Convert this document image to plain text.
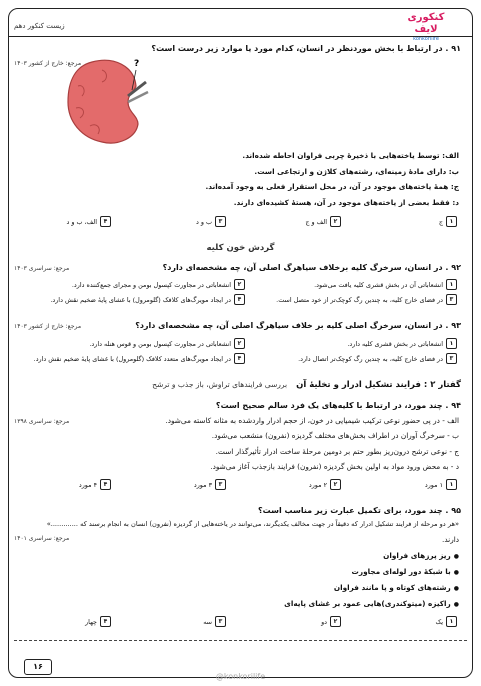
زیست کنکور دهم
کنکوری لایف
konkorilife
۹۱ . در ارتباط با بخش موردنظر در انسان، کدام مورد یا موارد زیر درست است؟
مرجع: خارج از کشور ۱۴۰۳	?
الف: توسط یاخته‌هایی با ذخیرۀ چربی فراوان احاطه شده‌اند.
ب: دارای مادۀ زمینه‌ای، رشته‌های کلاژن و ارتجاعی است.
ج: همۀ یاخته‌های موجود در آن، در محل استقرار فعلی به وجود آمده‌اند.
د: فقط بعضی از یاخته‌های موجود در آن، هستۀ کشیده‌ای دارند.
۱
ج
۲
الف و ج
۳
ب و د
۴
الف، ب و د
گردش خون کلیه
۹۲ . در انسان، سرخرگ کلیه برخلاف سیاهرگ اصلی آن، چه مشخصه‌ای دارد؟
مرجع: سراسری ۱۴۰۳
۱
انشعاباتی آن در بخش قشری کلیه یافت می‌شود.
۲
انشعاباتی در مجاورت کپسول بومن و مجرای جمع‌کننده دارد.
۳
در فضای خارج کلیه، به چندین رگ کوچک‌تر از خود متصل است.
۴
در ایجاد مویرگ‌های کلافک (گلومرول) با غشای پایۀ ضخیم نقش دارد.
۹۳ . در انسان، سرخرگ اصلی کلیه بر خلاف سیاهرگ اصلی آن، چه مشخصه‌ای دارد؟
مرجع: خارج از کشور ۱۴۰۳
۱
انشعاباتی در بخش قشری کلیه دارد.
۲
انشعاباتی در مجاورت کپسول بومن و قوس هنله دارد.
۳
در فضای خارج کلیه، به چندین رگ کوچک‌تر اتصال دارد.
۴
در ایجاد مویرگ‌های متعدد کلافک (گلومرول) با غشای پایۀ ضخیم نقش دارد.
گفتار ۲ : فرایند تشکیل ادرار و تخلیۀ آن بررسی فرایندهای تراوش، باز جذب و ترشح
۹۴ . چند مورد، در ارتباط با کلیه‌های یک فرد سالم صحیح است؟
مرجع: سراسری ۱۳۹۸	الف - در پی حضور نوعی ترکیب شیمیایی در خون، از حجم ادرار واردشده به مثانه کاسته می‌شود.
ب - سرخرگ آوران در اطراف بخش‌های مختلف گردیزه (نفرون) منشعب می‌شود.
ج - نوعی ترشح درون‌ریز بطور حتم بر دومین مرحلۀ ساخت ادرار تأثیرگذار است.
د - به محض ورود مواد به اولین بخش گردیزه (نفرون) فرایند بازجذب آغاز می‌شود.
۱
۱ مورد
۲
۲ مورد
۳
۳ مورد
۴
۴ مورد
۹۵ . چند مورد، برای تکمیل عبارت زیر مناسب است؟
«هر دو مرحله از فرایند تشکیل ادرار که دقیقاً در جهت مخالف یکدیگرند، می‌توانند در یاخته‌هایی از گردیزه (نفرون) انسان به انجام برسند که .............»
مرجع: سراسری ۱۴۰۱	دارند.
● ریز پرزهای فراوان
● با شبکۀ دور لوله‌ای مجاورت
● رشته‌های کوتاه و پا مانند فراوان
● راکیزه (میتوکندری)هایی عمود بر غشای پایه‌ای
۱
یک
۲
دو
۳
سه
۴
چهار
۱۶
@konkorilife
